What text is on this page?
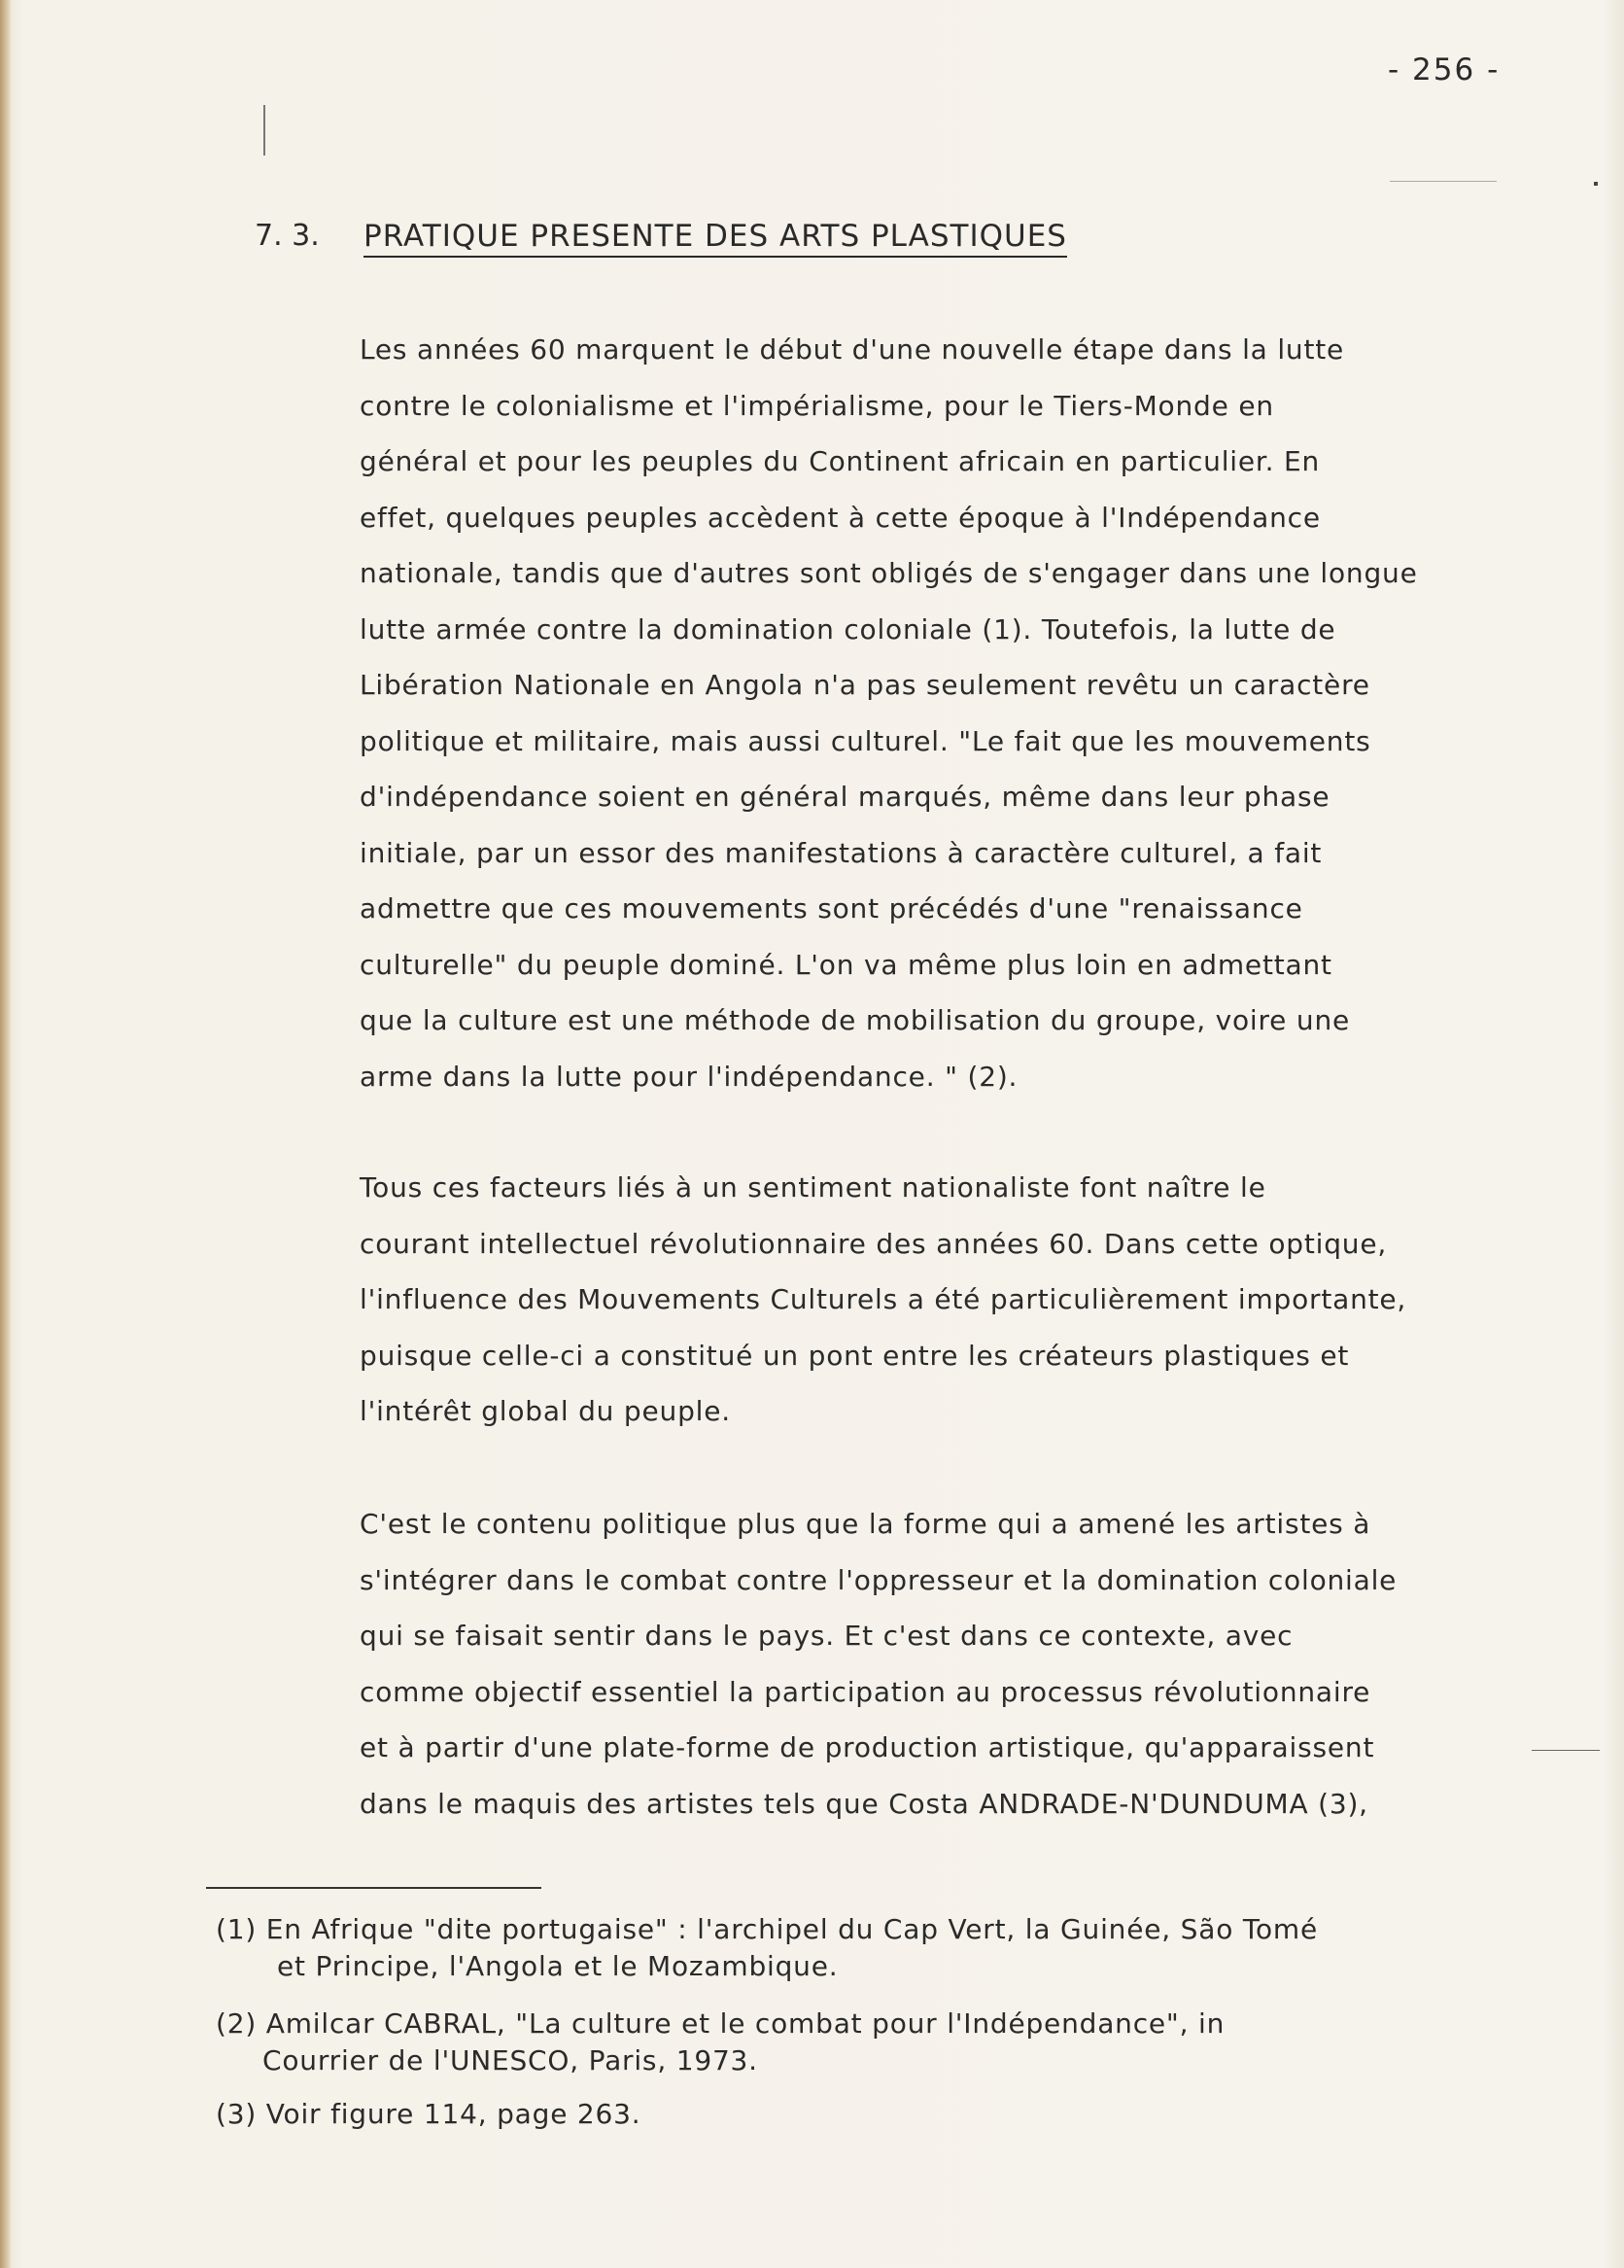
- 256 -
7. 3. PRATIQUE PRESENTE DES ARTS PLASTIQUES
Les années 60 marquent le début d'une nouvelle étape dans la lutte
contre le colonialisme et l'impérialisme, pour le Tiers-Monde en
général et pour les peuples du Continent africain en particulier. En
effet, quelques peuples accèdent à cette époque à l'Indépendance
nationale, tandis que d'autres sont obligés de s'engager dans une longue
lutte armée contre la domination coloniale (1). Toutefois, la lutte de
Libération Nationale en Angola n'a pas seulement revêtu un caractère
politique et militaire, mais aussi culturel. "Le fait que les mouvements
d'indépendance soient en général marqués, même dans leur phase
initiale, par un essor des manifestations à caractère culturel, a fait
admettre que ces mouvements sont précédés d'une "renaissance
culturelle" du peuple dominé. L'on va même plus loin en admettant
que la culture est une méthode de mobilisation du groupe, voire une
arme dans la lutte pour l'indépendance. " (2).
Tous ces facteurs liés à un sentiment nationaliste font naître le
courant intellectuel révolutionnaire des années 60. Dans cette optique,
l'influence des Mouvements Culturels a été particulièrement importante,
puisque celle-ci a constitué un pont entre les créateurs plastiques et
l'intérêt global du peuple.
C'est le contenu politique plus que la forme qui a amené les artistes à
s'intégrer dans le combat contre l'oppresseur et la domination coloniale
qui se faisait sentir dans le pays. Et c'est dans ce contexte, avec
comme objectif essentiel la participation au processus révolutionnaire
et à partir d'une plate-forme de production artistique, qu'apparaissent
dans le maquis des artistes tels que Costa ANDRADE-N'DUNDUMA (3),
(1) En Afrique "dite portugaise" : l'archipel du Cap Vert, la Guinée, São Tomé
et Principe, l'Angola et le Mozambique.
(2) Amilcar CABRAL, "La culture et le combat pour l'Indépendance", in
Courrier de l'UNESCO, Paris, 1973.
(3) Voir figure 114, page 263.
